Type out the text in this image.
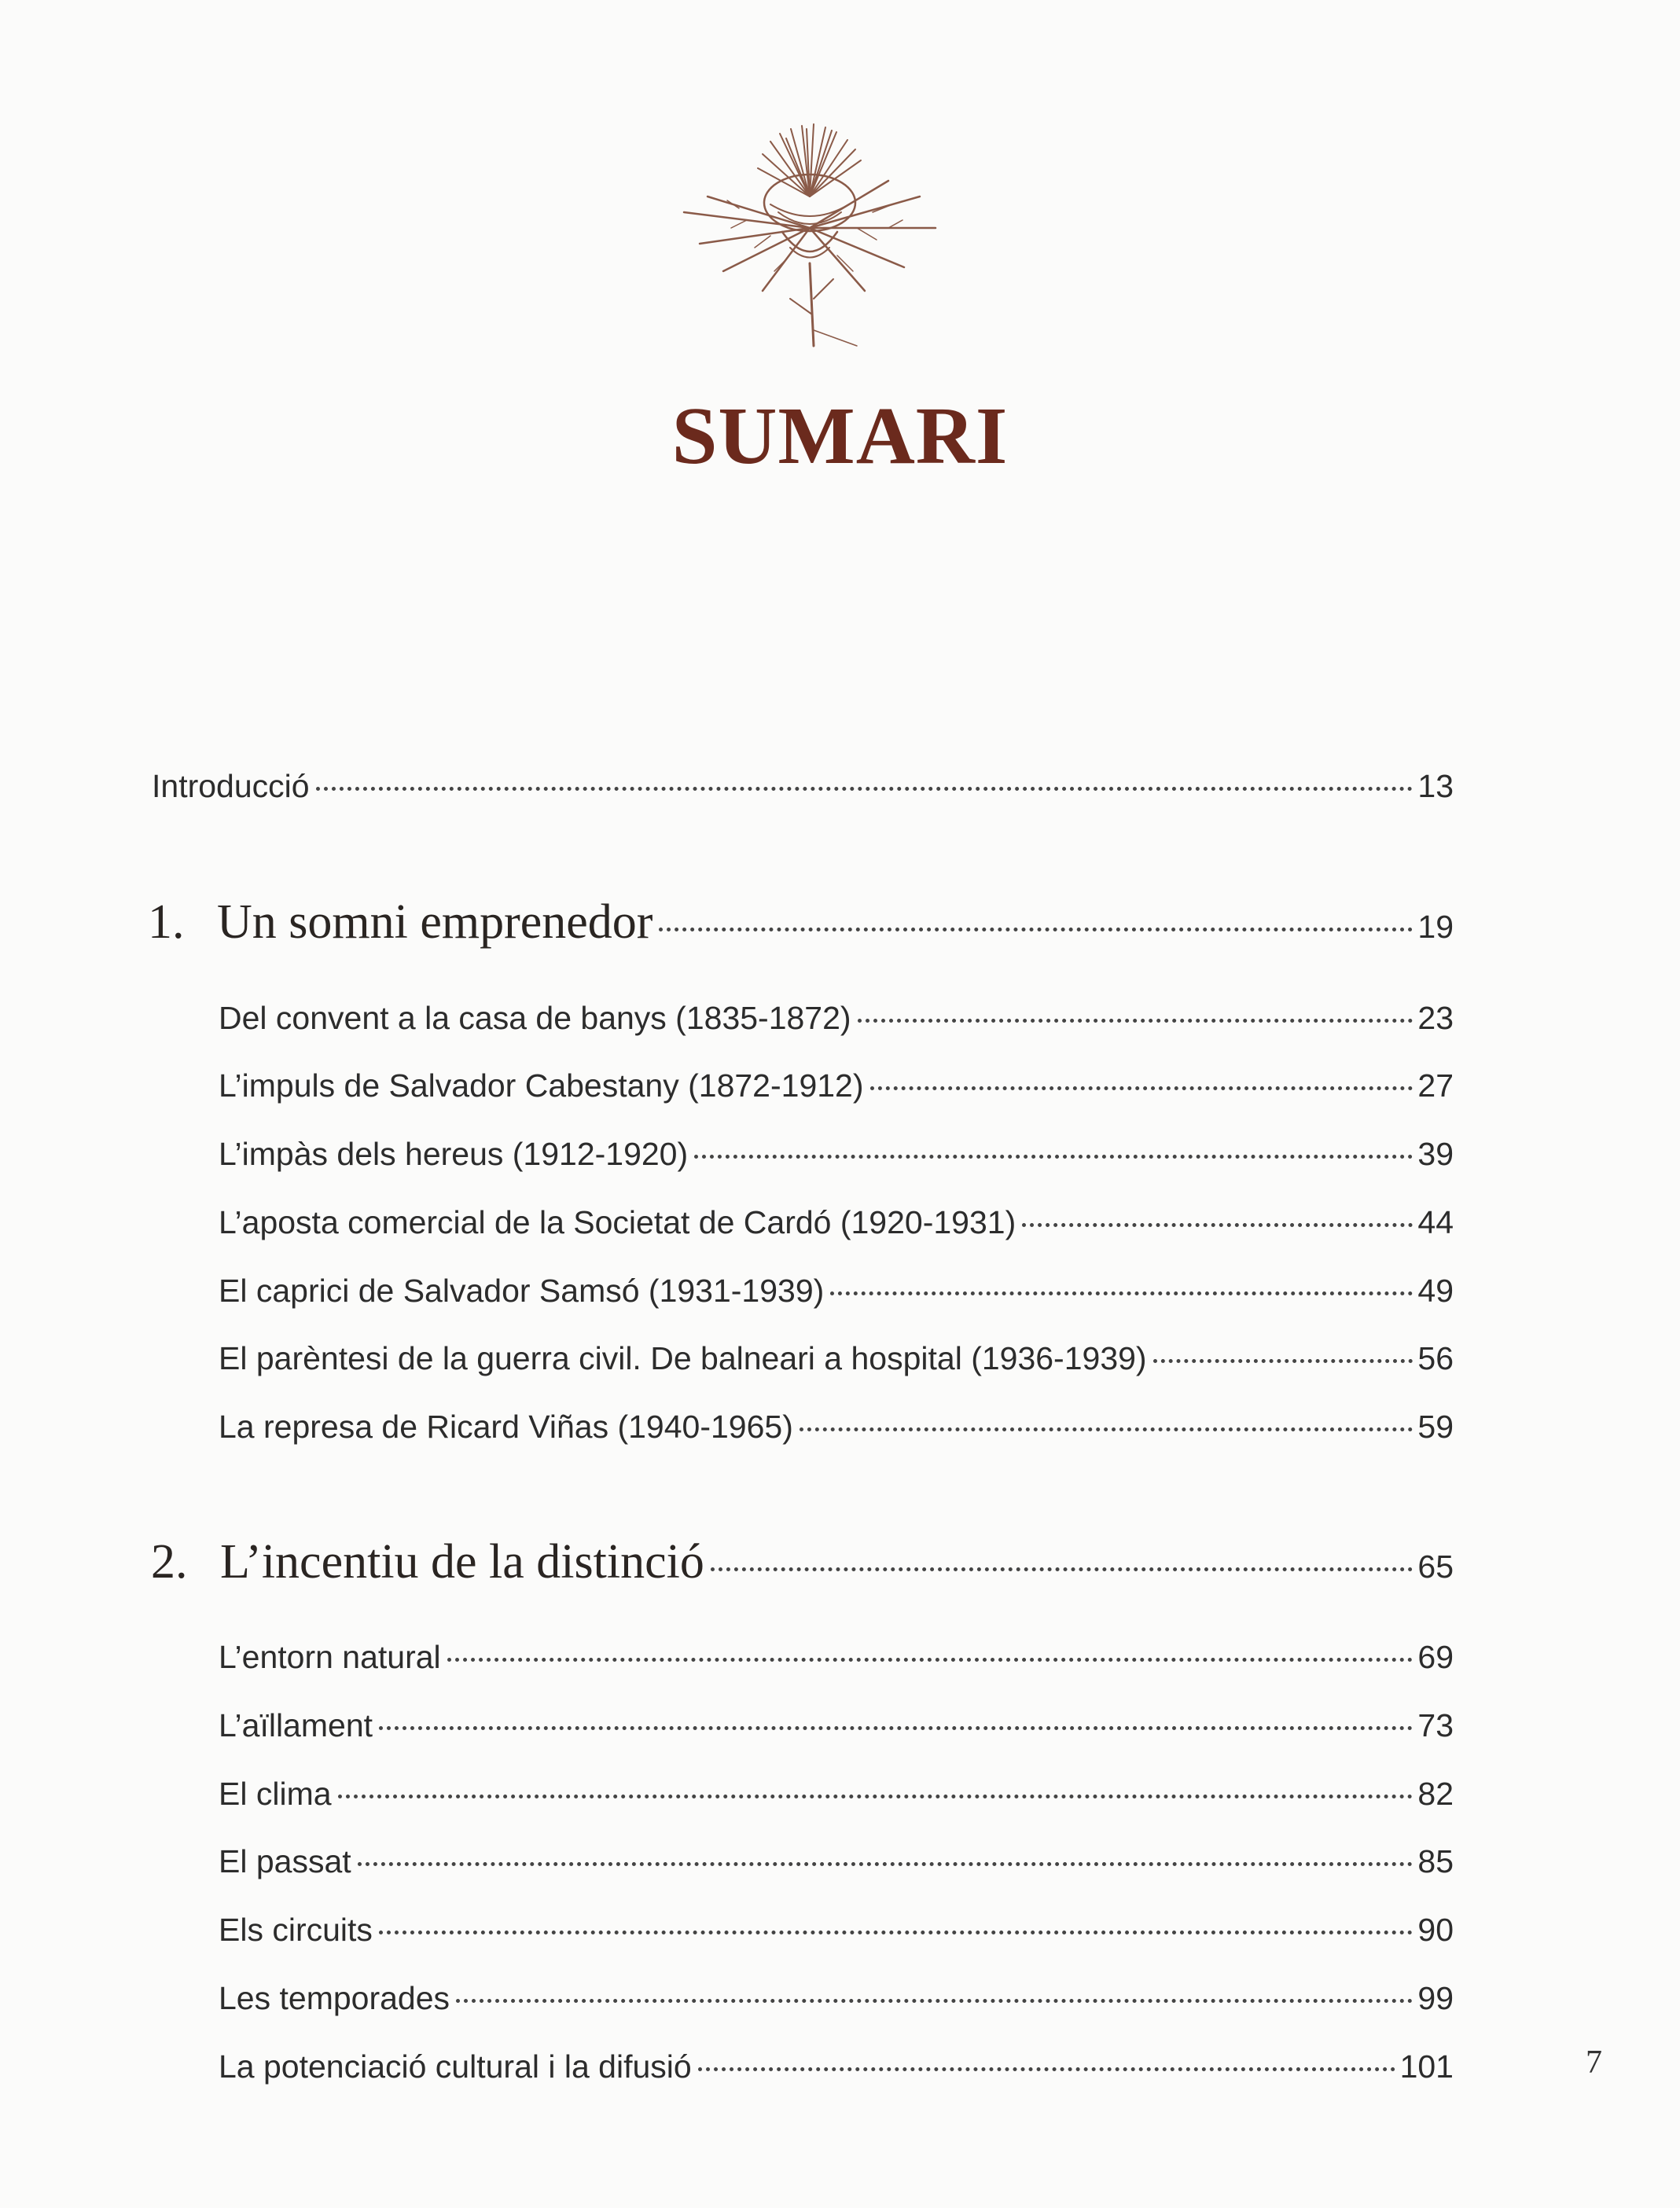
SUMARI
Introducció	13
1. Un somni emprenedor	19
Del convent a la casa de banys (1835-1872)	23
L’impuls de Salvador Cabestany (1872-1912)	27
L’impàs dels hereus (1912-1920)	39
L’aposta comercial de la Societat de Cardó (1920-1931)	44
El caprici de Salvador Samsó (1931-1939)	49
El parèntesi de la guerra civil. De balneari a hospital (1936-1939)	56
La represa de Ricard Viñas (1940-1965)	59
2. L’incentiu de la distinció	65
L’entorn natural	69
L’aïllament	73
El clima	82
El passat	85
Els circuits	90
Les temporades	99
La potenciació cultural i la difusió	101	7
